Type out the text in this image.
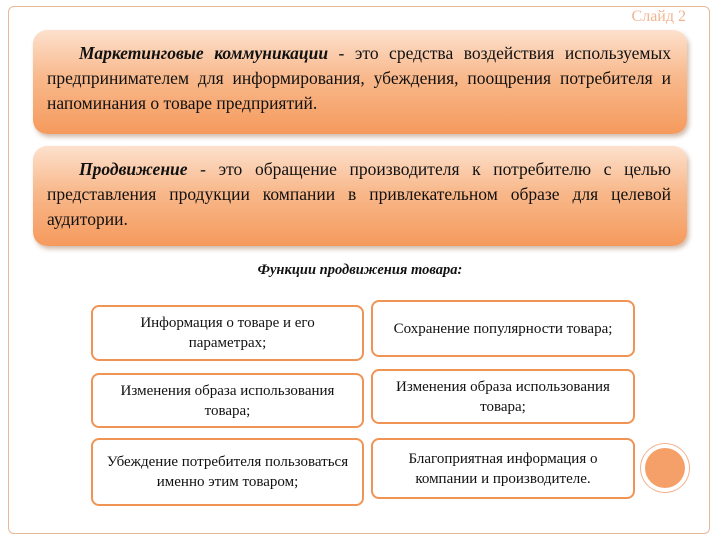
Слайд 2
Маркетинговые коммуникации - это средства воздействия используемых предпринимателем для информирования, убеждения, поощрения потребителя и напоминания о товаре предприятий.
Продвижение - это обращение производителя к потребителю с целью представления продукции компании в привлекательном образе для целевой аудитории.
Функции продвижения товара:
Информация о товаре и его параметрах;
Сохранение популярности товара;
Изменения образа использования товара;
Изменения образа использования товара;
Убеждение потребителя пользоваться именно этим товаром;
Благоприятная информация о компании и производителе.
